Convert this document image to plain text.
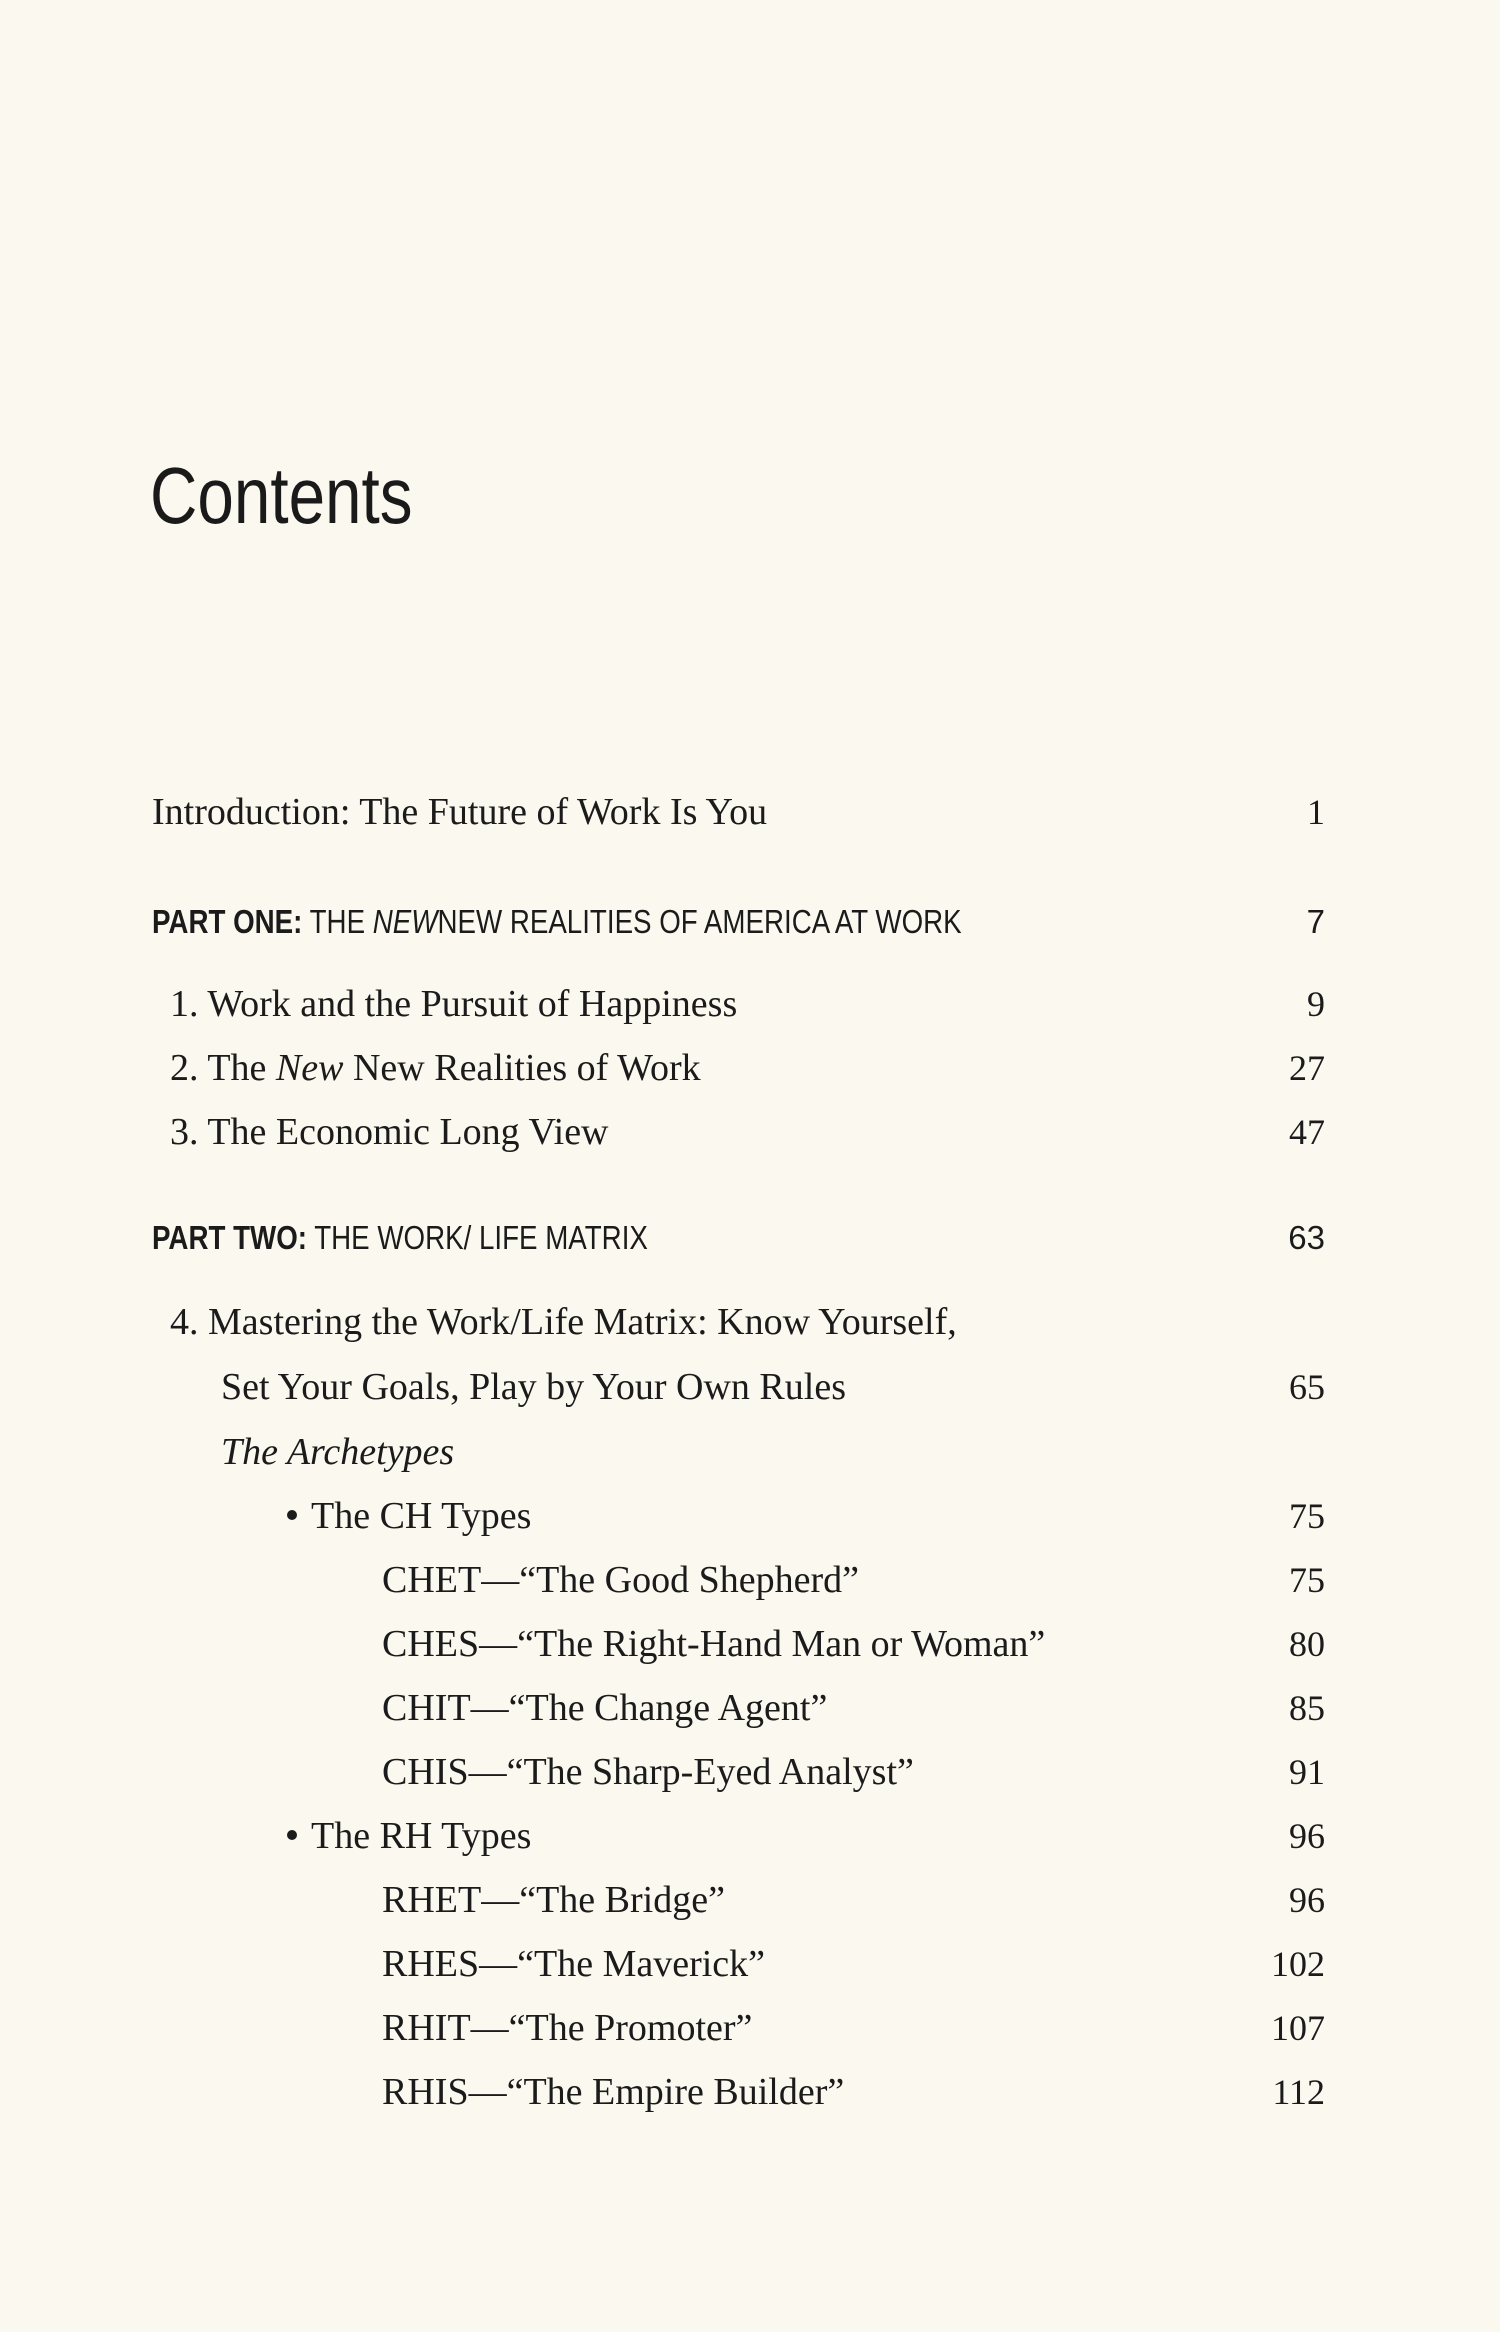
Contents
Introduction: The Future of Work Is You	1
PART ONE: THE NEWNEW REALITIES OF AMERICA AT WORK	7
1. Work and the Pursuit of Happiness	9
2. The New New Realities of Work	27
3. The Economic Long View	47
PART TWO: THE WORK/ LIFE MATRIX	63
4. Mastering the Work/Life Matrix: Know Yourself,
Set Your Goals, Play by Your Own Rules	65
The Archetypes
The CH Types	75
CHET—“The Good Shepherd”	75
CHES—“The Right-Hand Man or Woman”	80
CHIT—“The Change Agent”	85
CHIS—“The Sharp-Eyed Analyst”	91
The RH Types	96
RHET—“The Bridge”	96
RHES—“The Maverick”	102
RHIT—“The Promoter”	107
RHIS—“The Empire Builder”	112
